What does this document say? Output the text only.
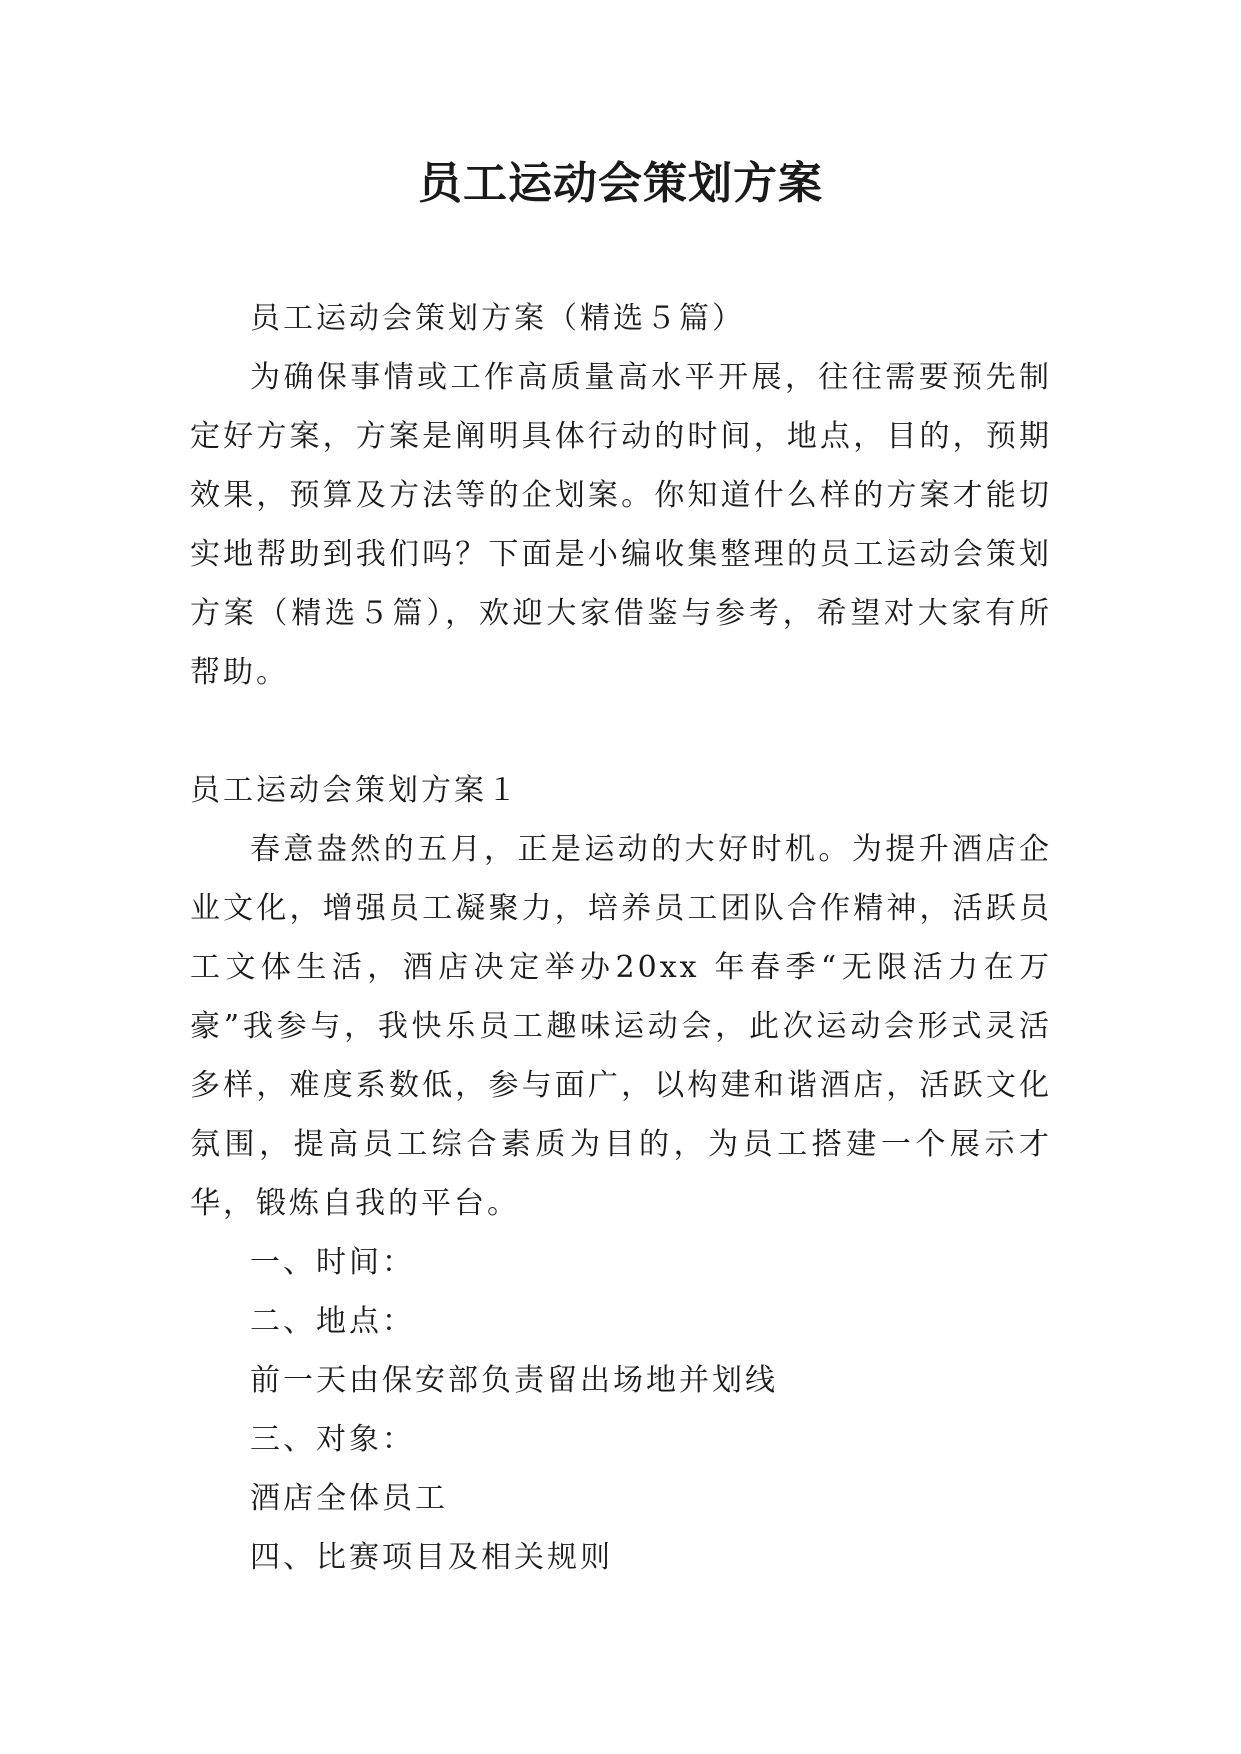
员工运动会策划方案

员工运动会策划方案（精选５篇）

为确保事情或工作高质量高水平开展，往往需要预先制定好方案，方案是阐明具体行动的时间，地点，目的，预期效果，预算及方法等的企划案。你知道什么样的方案才能切实地帮助到我们吗？下面是小编收集整理的员工运动会策划方案（精选５篇），欢迎大家借鉴与参考，希望对大家有所帮助。

员工运动会策划方案１

春意盎然的五月，正是运动的大好时机。为提升酒店企业文化，增强员工凝聚力，培养员工团队合作精神，活跃员工文体生活，酒店决定举办20xx 年春季“无限活力在万豪”我参与，我快乐员工趣味运动会，此次运动会形式灵活多样，难度系数低，参与面广，以构建和谐酒店，活跃文化氛围，提高员工综合素质为目的，为员工搭建一个展示才华，锻炼自我的平台。

一、时间：

二、地点：

前一天由保安部负责留出场地并划线

三、对象：

酒店全体员工

四、比赛项目及相关规则
